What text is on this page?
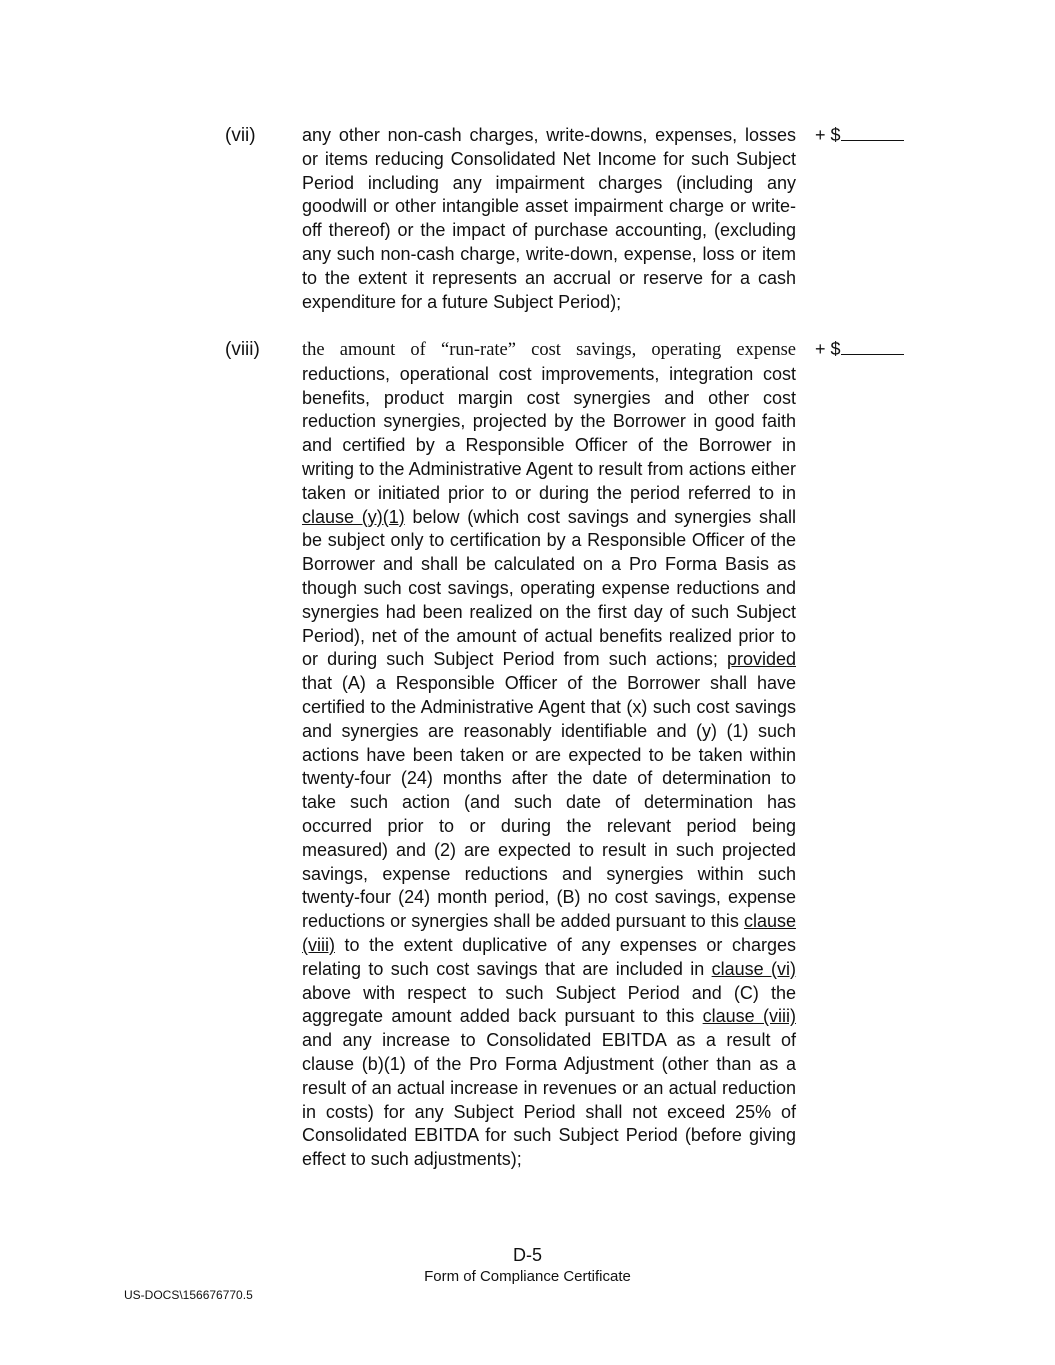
(vii)	any other non-cash charges, write-downs, expenses, losses or items reducing Consolidated Net Income for such Subject Period including any impairment charges (including any goodwill or other intangible asset impairment charge or write-off thereof) or the impact of purchase accounting, (excluding any such non-cash charge, write-down, expense, loss or item to the extent it represents an accrual or reserve for a cash expenditure for a future Subject Period);
+ $
(viii) the amount of “run-rate” cost savings, operating expense reductions, operational cost improvements, integration cost benefits, product margin cost synergies and other cost reduction synergies, projected by the Borrower in good faith and certified by a Responsible Officer of the Borrower in writing to the Administrative Agent to result from actions either taken or initiated prior to or during the period referred to in clause (y)(1) below (which cost savings and synergies shall be subject only to certification by a Responsible Officer of the Borrower and shall be calculated on a Pro Forma Basis as though such cost savings, operating expense reductions and synergies had been realized on the first day of such Subject Period), net of the amount of actual benefits realized prior to or during such Subject Period from such actions; provided that (A) a Responsible Officer of the Borrower shall have certified to the Administrative Agent that (x) such cost savings and synergies are reasonably identifiable and (y) (1) such actions have been taken or are expected to be taken within twenty-four (24) months after the date of determination to take such action (and such date of determination has occurred prior to or during the relevant period being measured) and (2) are expected to result in such projected savings, expense reductions and synergies within such twenty-four (24) month period, (B) no cost savings, expense reductions or synergies shall be added pursuant to this clause (viii) to the extent duplicative of any expenses or charges relating to such cost savings that are included in clause (vi) above with respect to such Subject Period and (C) the aggregate amount added back pursuant to this clause (viii) and any increase to Consolidated EBITDA as a result of clause (b)(1) of the Pro Forma Adjustment (other than as a result of an actual increase in revenues or an actual reduction in costs) for any Subject Period shall not exceed 25% of Consolidated EBITDA for such Subject Period (before giving effect to such adjustments);
+ $
D-5
Form of Compliance Certificate
US-DOCS\156676770.5
